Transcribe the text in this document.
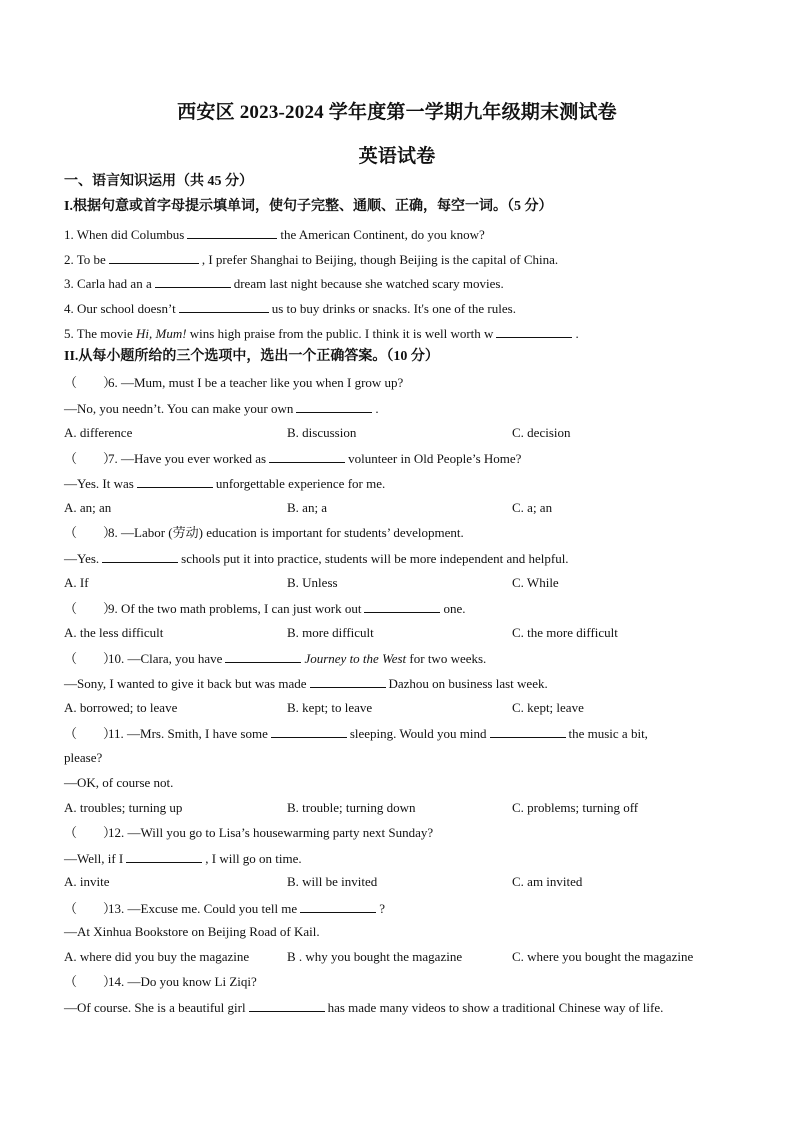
西安区 2023-2024 学年度第一学期九年级期末测试卷
英语试卷
一、语言知识运用（共 45 分）
I.根据句意或首字母提示填单词，使句子完整、通顺、正确，每空一词。（5 分）
1. When did Columbus	the American Continent, do you know?
2. To be	, I prefer Shanghai to Beijing, though Beijing is the capital of China.
3. Carla had an a	dream last night because she watched scary movies.
4. Our school doesn’t	us to buy drinks or snacks. It's one of the rules.
5. The movie Hi, Mum! wins high praise from the public. I think it is well worth w	.
II.从每小题所给的三个选项中，选出一个正确答案。（10 分）
（　　）6. —Mum, must I be a teacher like you when I grow up?
—No, you needn’t. You can make your own	.
A. difference	B. discussion	C. decision
（　　）7. —Have you ever worked as	volunteer in Old People’s Home?
—Yes. It was	unforgettable experience for me.
A. an; an	B. an; a	C. a; an
（　　）8. —Labor (劳动) education is important for students’ development.
—Yes.	schools put it into practice, students will be more independent and helpful.
A. If	B. Unless	C. While
（　　）9. Of the two math problems, I can just work out	one.
A. the less difficult	B. more difficult	C. the more difficult
（　　）10. —Clara, you have	Journey to the West for two weeks.
—Sony, I wanted to give it back but was made	Dazhou on business last week.
A. borrowed; to leave	B. kept; to leave	C. kept; leave
（　　）11. —Mrs. Smith, I have some	sleeping. Would you mind	the music a bit,
please?
—OK, of course not.
A. troubles; turning up	B. trouble; turning down	C. problems; turning off
（　　）12. —Will you go to Lisa’s housewarming party next Sunday?
—Well, if I	, I will go on time.
A. invite	B. will be invited	C. am invited
（　　）13. —Excuse me. Could you tell me	?
—At Xinhua Bookstore on Beijing Road of Kail.
A. where did you buy the magazine	B . why you bought the magazine	C. where you bought the magazine
（　　）14. —Do you know Li Ziqi?
—Of course. She is a beautiful girl	has made many videos to show a traditional Chinese way of life.
